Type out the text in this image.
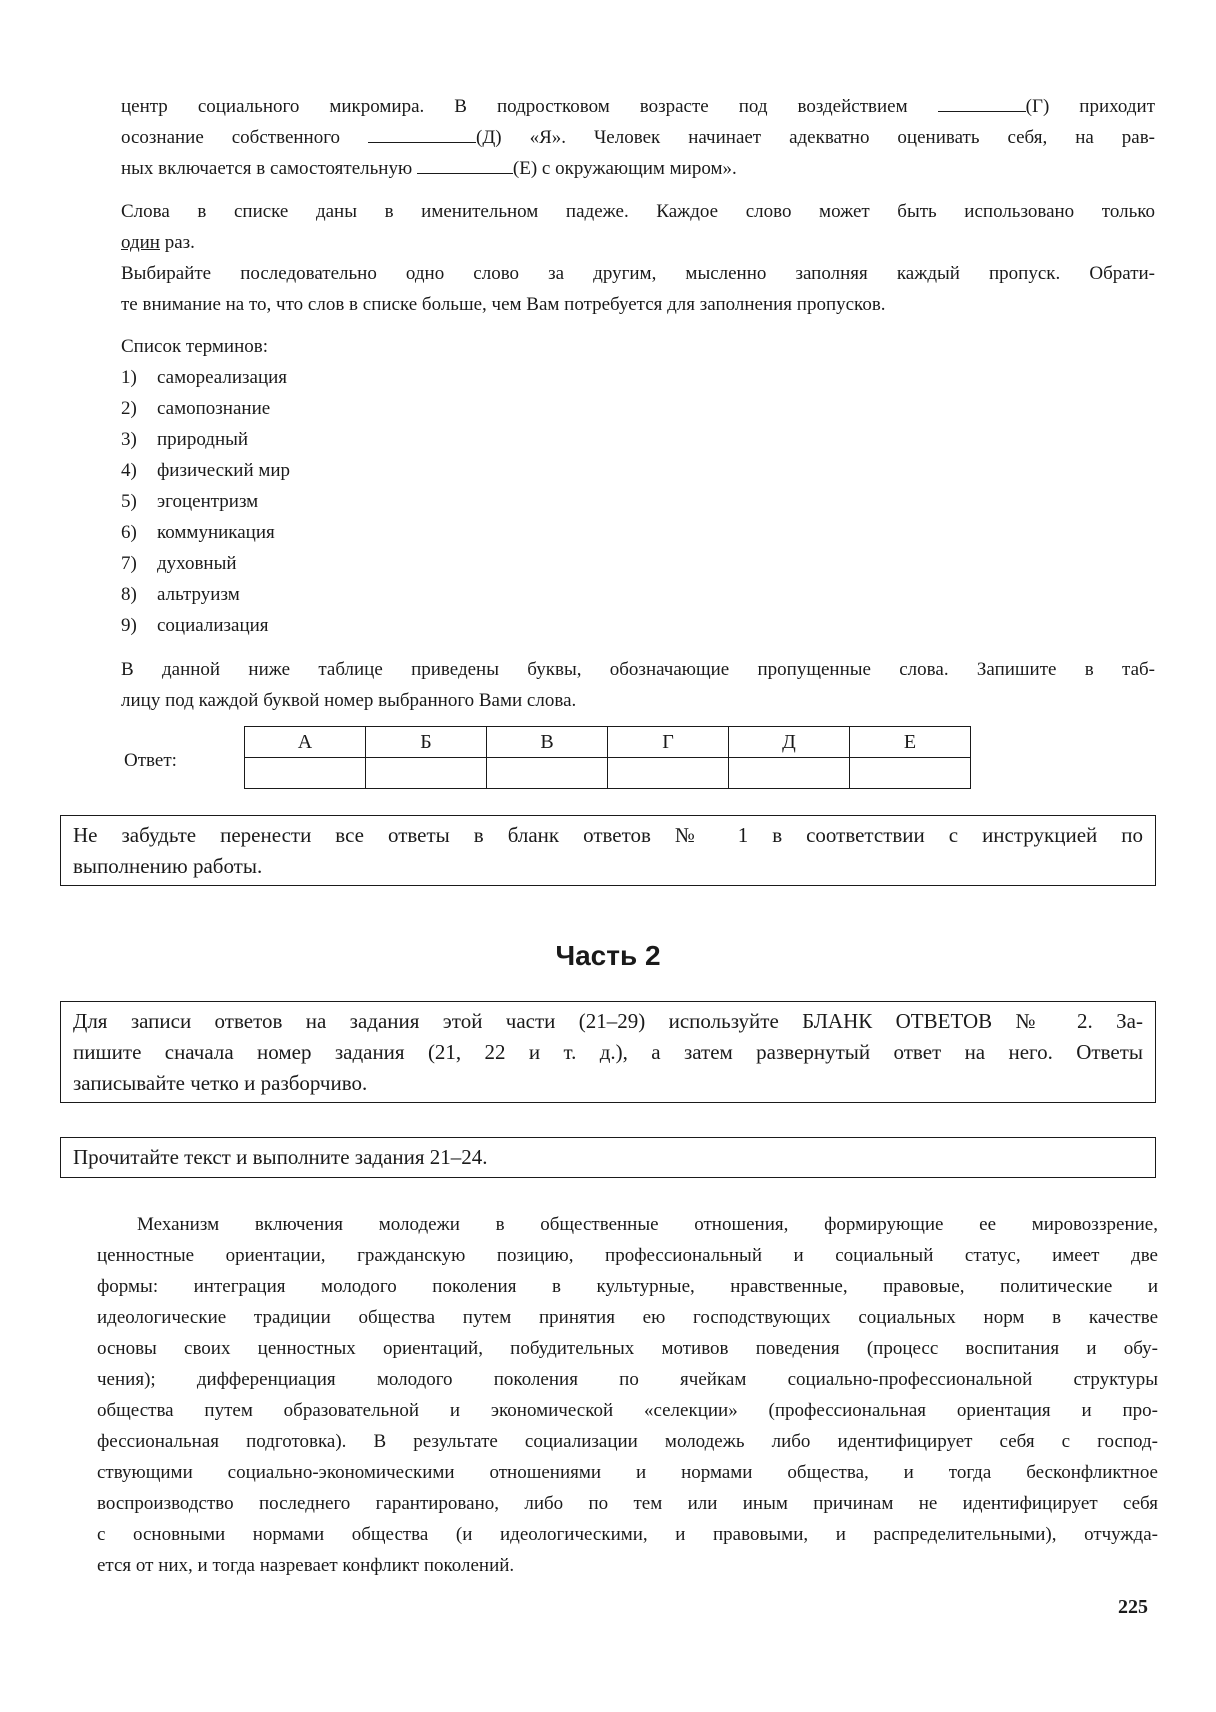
центр социального микромира. В подростковом возрасте под воздействием	(Г) приходит
осознание собственного	(Д) «Я». Человек начинает адекватно оценивать себя, на рав-
ных включается в самостоятельную	(Е) с окружающим миром».
Слова в списке даны в именительном падеже. Каждое слово может быть использовано только
один раз.
Выбирайте последовательно одно слово за другим, мысленно заполняя каждый пропуск. Обрати-
те внимание на то, что слов в списке больше, чем Вам потребуется для заполнения пропусков.
Список терминов:
1) самореализация
2) самопознание
3) природный
4) физический мир
5) эгоцентризм
6) коммуникация
7) духовный
8) альтруизм
9) социализация
В данной ниже таблице приведены буквы, обозначающие пропущенные слова. Запишите в таб-
лицу под каждой буквой номер выбранного Вами слова.
Ответ:
А	Б	В	Г	Д	Е

Не забудьте перенести все ответы в бланк ответов № 1 в соответствии с инструкцией по
выполнению работы.
Часть 2
Для записи ответов на задания этой части (21–29) используйте БЛАНК ОТВЕТОВ № 2. За-
пишите сначала номер задания (21, 22 и т. д.), а затем развернутый ответ на него. Ответы
записывайте четко и разборчиво.
Прочитайте текст и выполните задания 21–24.
Механизм включения молодежи в общественные отношения, формирующие ее мировоззрение,
ценностные ориентации, гражданскую позицию, профессиональный и социальный статус, имеет две
формы: интеграция молодого поколения в культурные, нравственные, правовые, политические и
идеологические традиции общества путем принятия ею господствующих социальных норм в качестве
основы своих ценностных ориентаций, побудительных мотивов поведения (процесс воспитания и обу-
чения); дифференциация молодого поколения по ячейкам социально-профессиональной структуры
общества путем образовательной и экономической «селекции» (профессиональная ориентация и про-
фессиональная подготовка). В результате социализации молодежь либо идентифицирует себя с господ-
ствующими социально-экономическими отношениями и нормами общества, и тогда бесконфликтное
воспроизводство последнего гарантировано, либо по тем или иным причинам не идентифицирует себя
с основными нормами общества (и идеологическими, и правовыми, и распределительными), отчужда-
ется от них, и тогда назревает конфликт поколений.
225
